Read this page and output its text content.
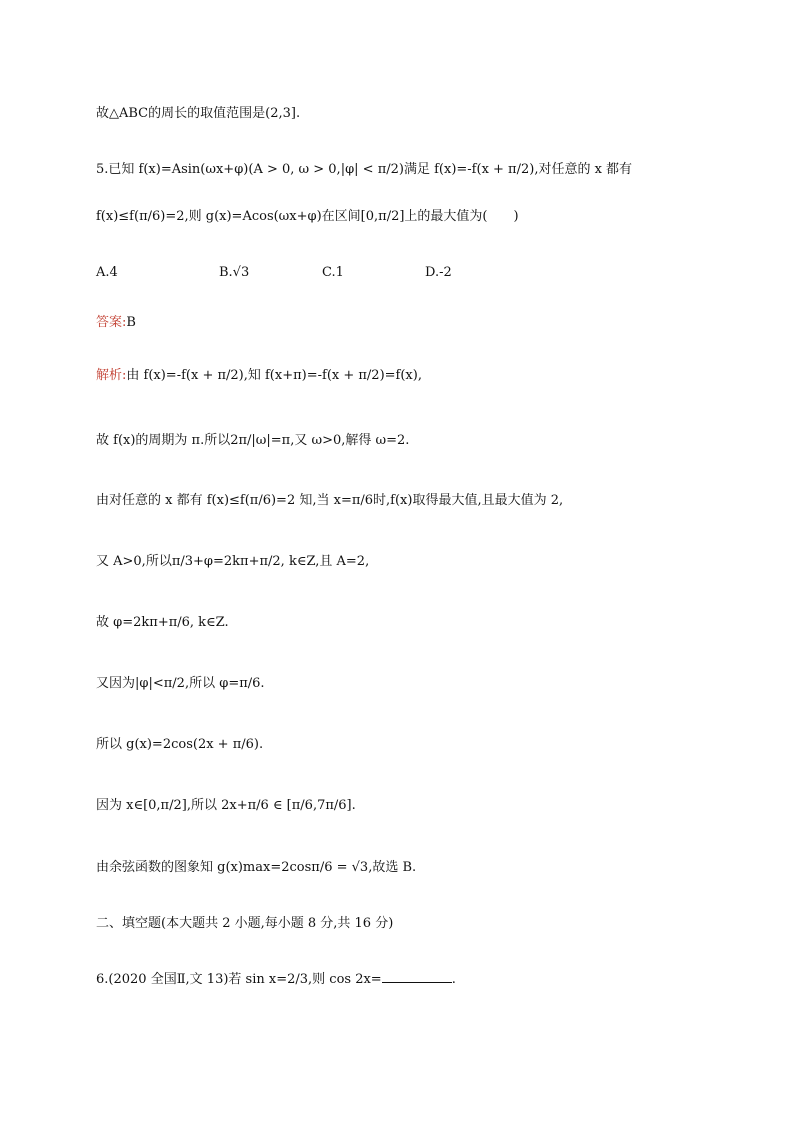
故△ABC的周长的取值范围是(2,3].
5.已知 f(x)=Asin(ωx+φ)(A > 0, ω > 0,|φ| < π/2)满足 f(x)=-f(x + π/2),对任意的 x 都有
f(x)≤f(π/6)=2,则 g(x)=Acos(ωx+φ)在区间[0,π/2]上的最大值为(　　)
A.4	B.√3	C.1	D.-2
答案:B
解析:由 f(x)=-f(x + π/2),知 f(x+π)=-f(x + π/2)=f(x),
故 f(x)的周期为 π.所以2π/|ω|=π,又 ω>0,解得 ω=2.
由对任意的 x 都有 f(x)≤f(π/6)=2 知,当 x=π/6时,f(x)取得最大值,且最大值为 2,
又 A>0,所以π/3+φ=2kπ+π/2, k∈Z,且 A=2,
故 φ=2kπ+π/6, k∈Z.
又因为|φ|<π/2,所以 φ=π/6.
所以 g(x)=2cos(2x + π/6).
因为 x∈[0,π/2],所以 2x+π/6 ∈ [π/6,7π/6].
由余弦函数的图象知 g(x)max=2cosπ/6 = √3,故选 B.
二、填空题(本大题共 2 小题,每小题 8 分,共 16 分)
6.(2020 全国Ⅱ,文 13)若 sin x=2/3,则 cos 2x=	.
